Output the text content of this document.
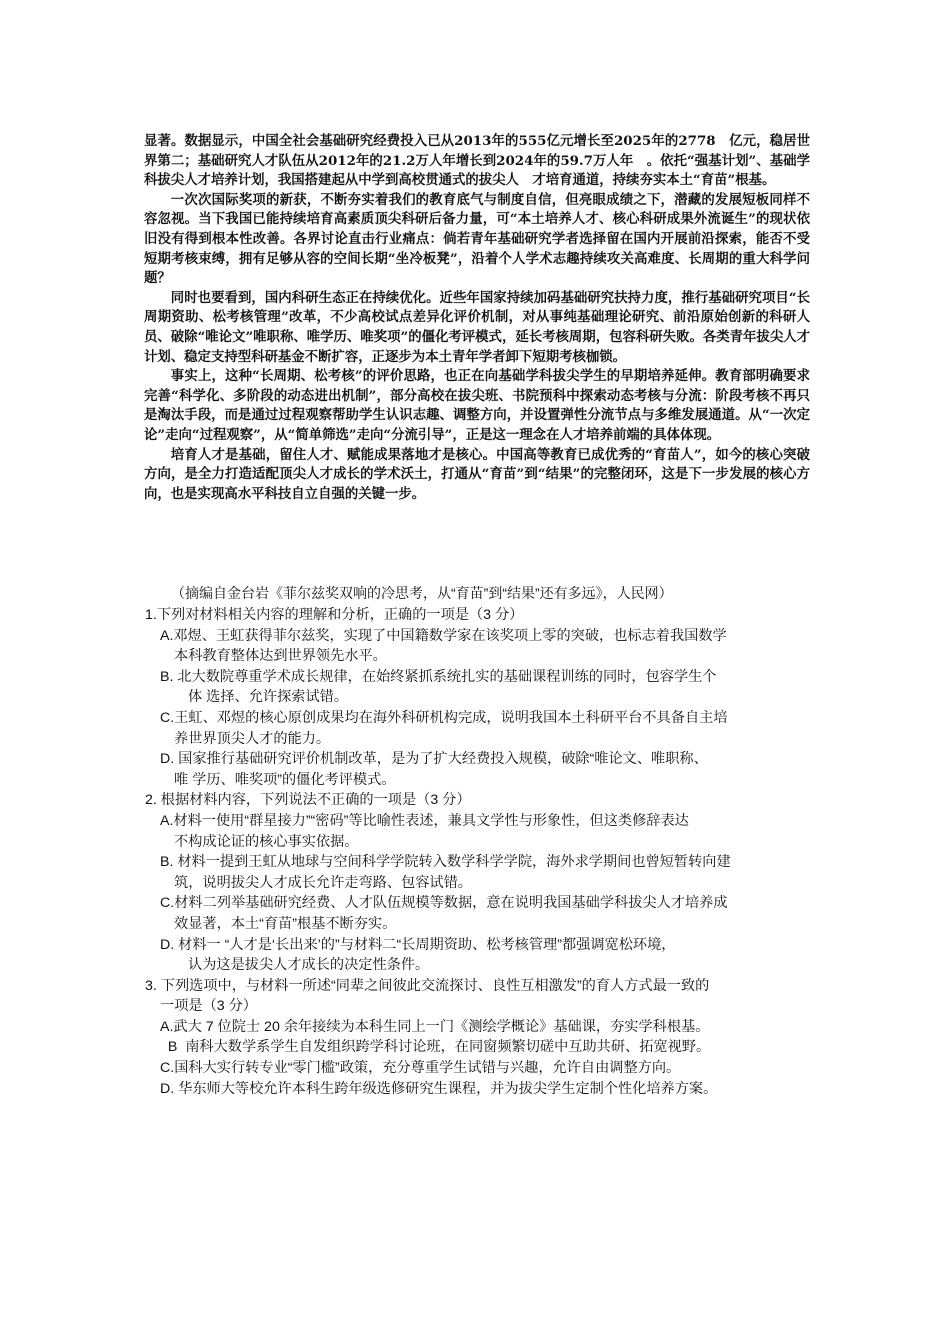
显著。数据显示，中国全社会基础研究经费投入已从2013年的555亿元增长至2025年的2778　亿元，稳居世界第二；基础研究人才队伍从2012年的21.2万人年增长到2024年的59.7万人年　。依托“强基计划”、基础学科拔尖人才培养计划，我国搭建起从中学到高校贯通式的拔尖人　才培育通道，持续夯实本土“育苗”根基。

一次次国际奖项的新获，不断夯实着我们的教育底气与制度自信，但亮眼成绩之下，潜藏的发展短板同样不容忽视。当下我国已能持续培育高素质顶尖科研后备力量，可“本土培养人才、核心科研成果外流诞生”的现状依旧没有得到根本性改善。各界讨论直击行业痛点：倘若青年基础研究学者选择留在国内开展前沿探索，能否不受短期考核束缚，拥有足够从容的空间长期“坐冷板凳”，沿着个人学术志趣持续攻关高难度、长周期的重大科学问题？

同时也要看到，国内科研生态正在持续优化。近些年国家持续加码基础研究扶持力度，推行基础研究项目“长周期资助、松考核管理”改革，不少高校试点差异化评价机制，对从事纯基础理论研究、前沿原始创新的科研人员、破除“唯论文”唯职称、唯学历、唯奖项”的僵化考评模式，延长考核周期，包容科研失败。各类青年拔尖人才计划、稳定支持型科研基金不断扩容，正逐步为本土青年学者卸下短期考核枷锁。

事实上，这种“长周期、松考核”的评价思路，也正在向基础学科拔尖学生的早期培养延伸。教育部明确要求完善“科学化、多阶段的动态进出机制”，部分高校在拔尖班、书院预科中探索动态考核与分流：阶段考核不再只是淘汰手段，而是通过过程观察帮助学生认识志趣、调整方向，并设置弹性分流节点与多维发展通道。从“一次定论”走向“过程观察”，从“简单筛选”走向“分流引导”，正是这一理念在人才培养前端的具体体现。

培育人才是基础，留住人才、赋能成果落地才是核心。中国高等教育已成优秀的“育苗人”，如今的核心突破方向，是全力打造适配顶尖人才成长的学术沃土，打通从“育苗”到“结果”的完整闭环，这是下一步发展的核心方向，也是实现高水平科技自立自强的关键一步。

（摘编自金台岩《菲尔兹奖双响的冷思考，从“育苗”到“结果”还有多远》，人民网）

1.下列对材料相关内容的理解和分析，正确的一项是（3 分）

A.邓煜、王虹获得菲尔兹奖，实现了中国籍数学家在该奖项上零的突破，也标志着我国数学
本科教育整体达到世界领先水平。

B. 北大数院尊重学术成长规律，在始终紧抓系统扎实的基础课程训练的同时，包容学生个
体 选择、允许探索试错。

C.王虹、邓煜的核心原创成果均在海外科研机构完成，说明我国本土科研平台不具备自主培
养世界顶尖人才的能力。

D. 国家推行基础研究评价机制改革，是为了扩大经费投入规模，破除“唯论文、唯职称、
唯 学历、唯奖项”的僵化考评模式。

2. 根据材料内容，下列说法不正确的一项是（3 分）

A.材料一使用“群星接力”“密码”等比喻性表述，兼具文学性与形象性，但这类修辞表达
不构成论证的核心事实依据。

B. 材料一提到王虹从地球与空间科学学院转入数学科学学院，海外求学期间也曾短暂转向建
筑，说明拔尖人才成长允许走弯路、包容试错。

C.材料二列举基础研究经费、人才队伍规模等数据，意在说明我国基础学科拔尖人才培养成
效显著，本土“育苗”根基不断夯实。

D. 材料一 “人才是‘长出来’的”与材料二“长周期资助、松考核管理”都强调宽松环境，
认为这是拔尖人才成长的决定性条件。

3. 下列选项中，与材料一所述“同辈之间彼此交流探讨、良性互相激发”的育人方式最一致的

一项是（3 分）

A.武大 7 位院士 20 余年接续为本科生同上一门《测绘学概论》基础课，夯实学科根基。

B  南科大数学系学生自发组织跨学科讨论班，在同窗频繁切磋中互助共研、拓宽视野。

C.国科大实行转专业“零门槛”政策，充分尊重学生试错与兴趣，允许自由调整方向。

D. 华东师大等校允许本科生跨年级选修研究生课程，并为拔尖学生定制个性化培养方案。
